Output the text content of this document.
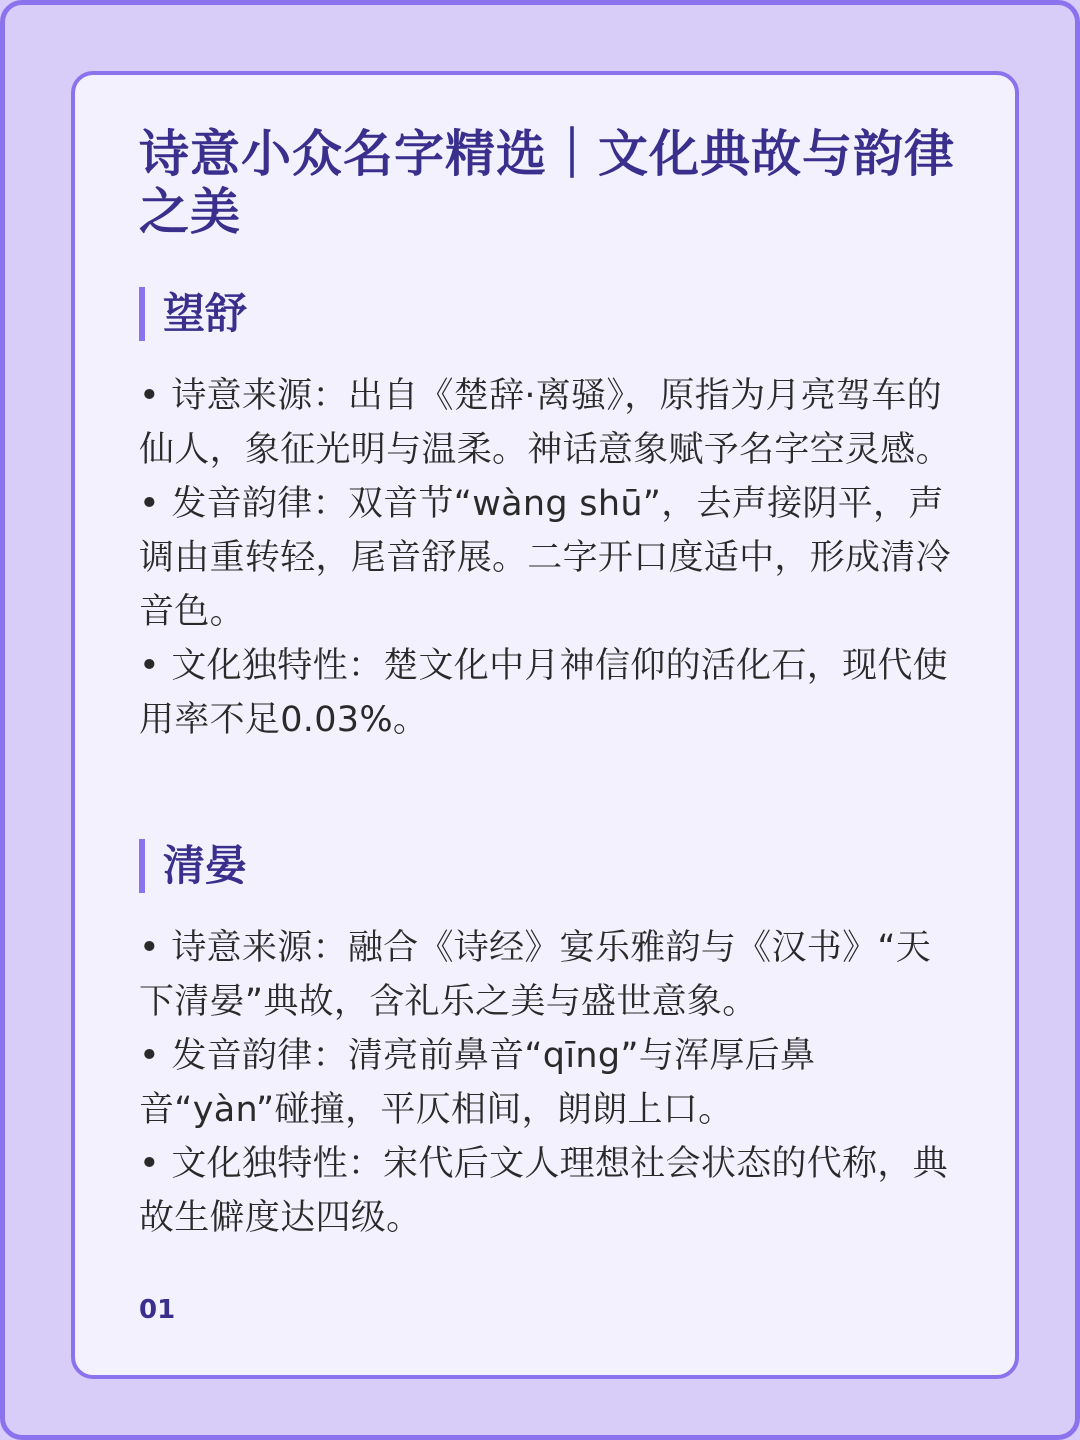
诗意小众名字精选｜文化典故与韵律之美
望舒

• 诗意来源：出自《楚辞·离骚》，原指为月亮驾车的仙人，象征光明与温柔。神话意象赋予名字空灵感。

• 发音韵律：双音节“wàng shū”，去声接阴平，声调由重转轻，尾音舒展。二字开口度适中，形成清冷音色。

• 文化独特性：楚文化中月神信仰的活化石，现代使用率不足0.03%。

清晏

• 诗意来源：融合《诗经》宴乐雅韵与《汉书》“天下清晏”典故，含礼乐之美与盛世意象。

• 发音韵律：清亮前鼻音“qīng”与浑厚后鼻音“yàn”碰撞，平仄相间，朗朗上口。

• 文化独特性：宋代后文人理想社会状态的代称，典故生僻度达四级。

01
